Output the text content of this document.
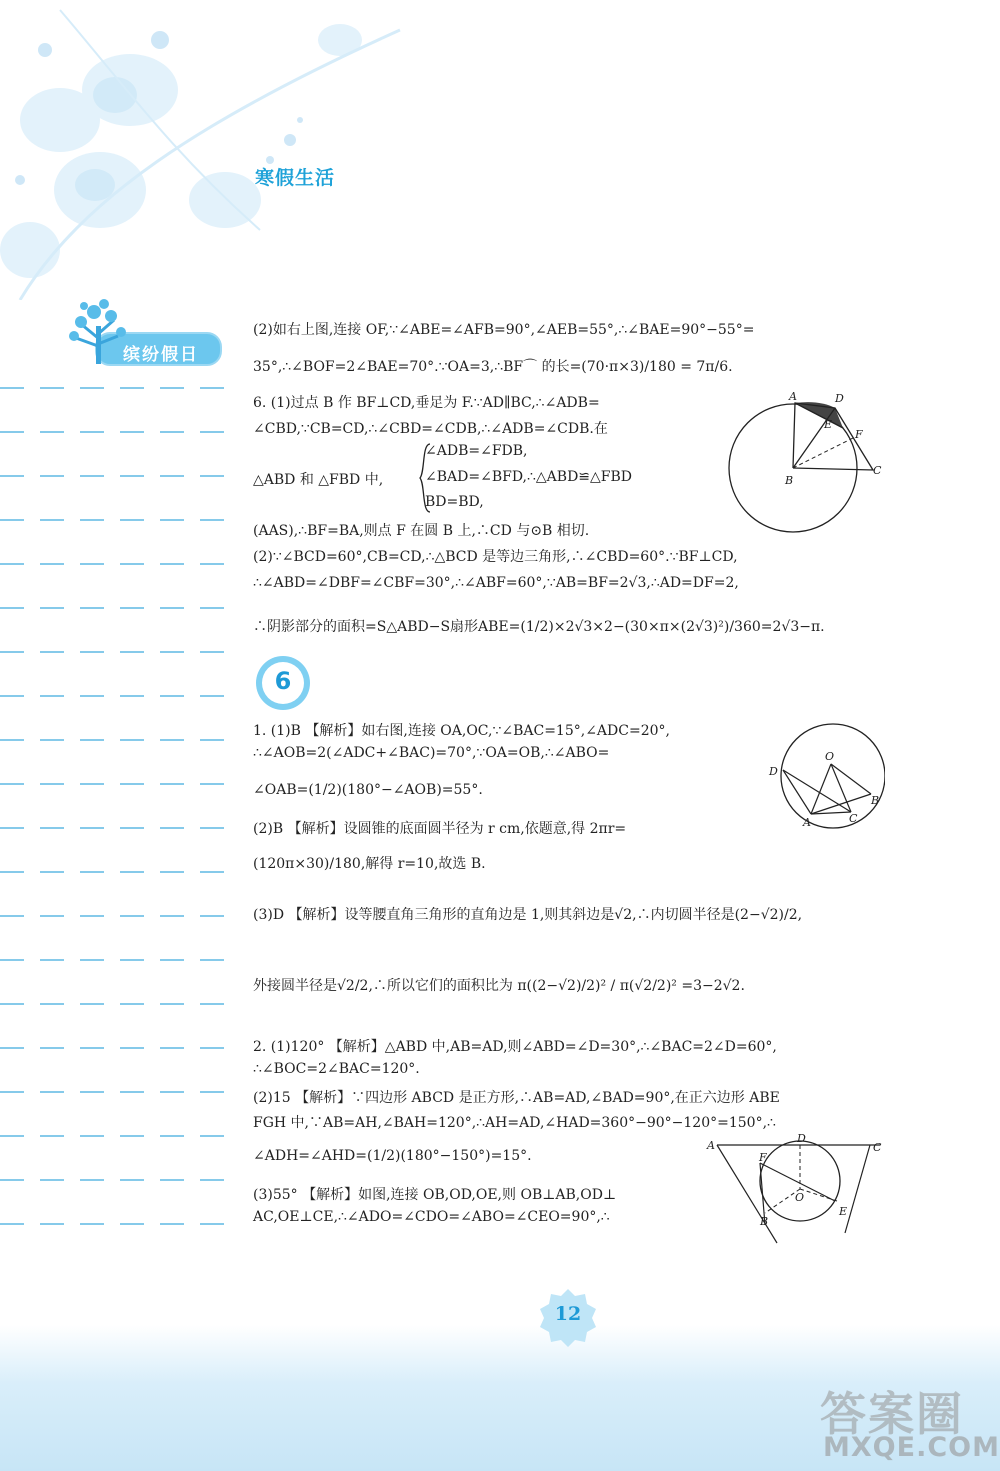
寒假生活
缤纷假日
(2)如右上图,连接 OF,∵∠ABE=∠AFB=90°,∠AEB=55°,∴∠BAE=90°−55°=
35°,∴∠BOF=2∠BAE=70°.∵OA=3,∴BF⌒ 的长=(70·π×3)/180 = 7π/6.
6. (1)过点 B 作 BF⊥CD,垂足为 F.∵AD∥BC,∴∠ADB=
∠CBD,∵CB=CD,∴∠CBD=∠CDB,∴∠ADB=∠CDB.在
∠ADB=∠FDB,
△ABD 和 △FBD 中,	∠BAD=∠BFD,∴△ABD≌△FBD
BD=BD,
(AAS),∴BF=BA,则点 F 在圆 B 上,∴CD 与⊙B 相切.
(2)∵∠BCD=60°,CB=CD,∴△BCD 是等边三角形,∴∠CBD=60°.∵BF⊥CD,
∴∠ABD=∠DBF=∠CBF=30°,∴∠ABF=60°,∵AB=BF=2√3,∴AD=DF=2,
∴阴影部分的面积=S△ABD−S扇形ABE=(1/2)×2√3×2−(30×π×(2√3)²)/360=2√3−π.
1. (1)B 【解析】如右图,连接 OA,OC,∵∠BAC=15°,∠ADC=20°,
∴∠AOB=2(∠ADC+∠BAC)=70°,∵OA=OB,∴∠ABO=
∠OAB=(1/2)(180°−∠AOB)=55°.
(2)B 【解析】设圆锥的底面圆半径为 r cm,依题意,得 2πr=
(120π×30)/180,解得 r=10,故选 B.
(3)D 【解析】设等腰直角三角形的直角边是 1,则其斜边是√2,∴内切圆半径是(2−√2)/2,
外接圆半径是√2/2,∴所以它们的面积比为 π((2−√2)/2)² / π(√2/2)² =3−2√2.
2. (1)120° 【解析】△ABD 中,AB=AD,则∠ABD=∠D=30°,∴∠BAC=2∠D=60°,
∴∠BOC=2∠BAC=120°.
(2)15 【解析】∵四边形 ABCD 是正方形,∴AB=AD,∠BAD=90°,在正六边形 ABE
FGH 中,∵AB=AH,∠BAH=120°,∴AH=AD,∠HAD=360°−90°−120°=150°,∴
∠ADH=∠AHD=(1/2)(180°−150°)=15°.
(3)55° 【解析】如图,连接 OB,OD,OE,则 OB⊥AB,OD⊥
AC,OE⊥CE,∴∠ADO=∠CDO=∠ABO=∠CEO=90°,∴
A	D
E
F
B
C
6
O
D
B
A	C
A
D
C
F
O
B
E
12
答案圈
MXQE.COM
